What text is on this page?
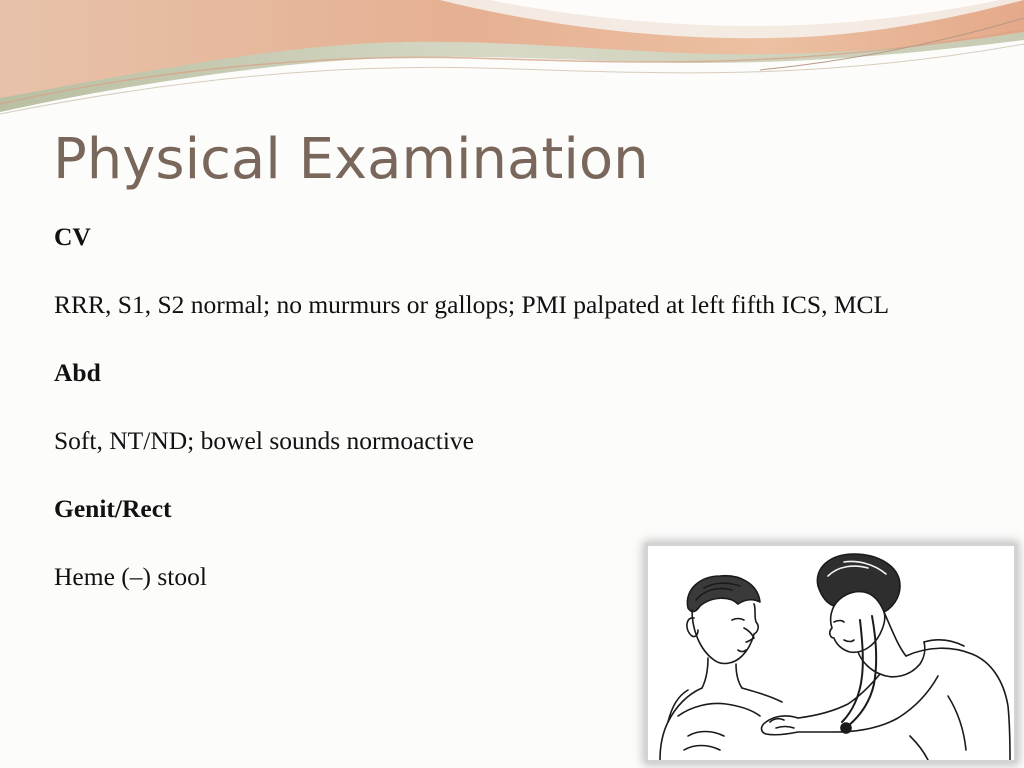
Physical Examination

CV

RRR, S1, S2 normal; no murmurs or gallops; PMI palpated at left fifth ICS, MCL

Abd

Soft, NT/ND; bowel sounds normoactive

Genit/Rect

Heme (–) stool
